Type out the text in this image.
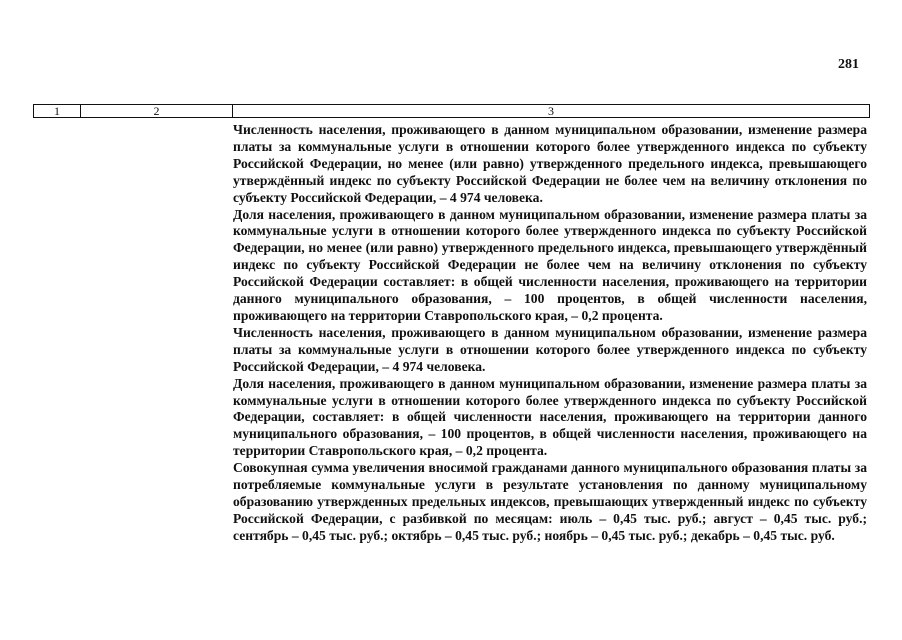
281
1	2	3

Численность населения, проживающего в данном муниципальном образовании, изменение размера платы за коммунальные услуги в отношении которого более утвержденного индекса по субъекту Российской Федерации, но менее (или равно) утвержденного предельного индекса, превышающего утверждённый индекс по субъекту Российской Федерации не более чем на величину отклонения по субъекту Российской Федерации, – 4 974 человека.

Доля населения, проживающего в данном муниципальном образовании, изменение размера платы за коммунальные услуги в отношении которого более утвержденного индекса по субъекту Российской Федерации, но менее (или равно) утвержденного предельного индекса, превышающего утверждённый индекс по субъекту Российской Федерации не более чем на величину отклонения по субъекту Российской Федерации составляет: в общей численности населения, проживающего на территории данного муниципального образования, – 100 процентов, в общей численности населения, проживающего на территории Ставропольского края, – 0,2 процента.

Численность населения, проживающего в данном муниципальном образовании, изменение размера платы за коммунальные услуги в отношении которого более утвержденного индекса по субъекту Российской Федерации, – 4 974 человека.

Доля населения, проживающего в данном муниципальном образовании, изменение размера платы за коммунальные услуги в отношении которого более утвержденного индекса по субъекту Российской Федерации, составляет: в общей численности населения, проживающего на территории данного муниципального образования, – 100 процентов, в общей численности населения, проживающего на территории Ставропольского края, – 0,2 процента.

Совокупная сумма увеличения вносимой гражданами данного муниципального образования платы за потребляемые коммунальные услуги в результате установления по данному муниципальному образованию утвержденных предельных индексов, превышающих утвержденный индекс по субъекту Российской Федерации, с разбивкой по месяцам: июль – 0,45 тыс. руб.; август – 0,45 тыс. руб.; сентябрь – 0,45 тыс. руб.; октябрь – 0,45 тыс. руб.; ноябрь – 0,45 тыс. руб.; декабрь – 0,45 тыс. руб.
